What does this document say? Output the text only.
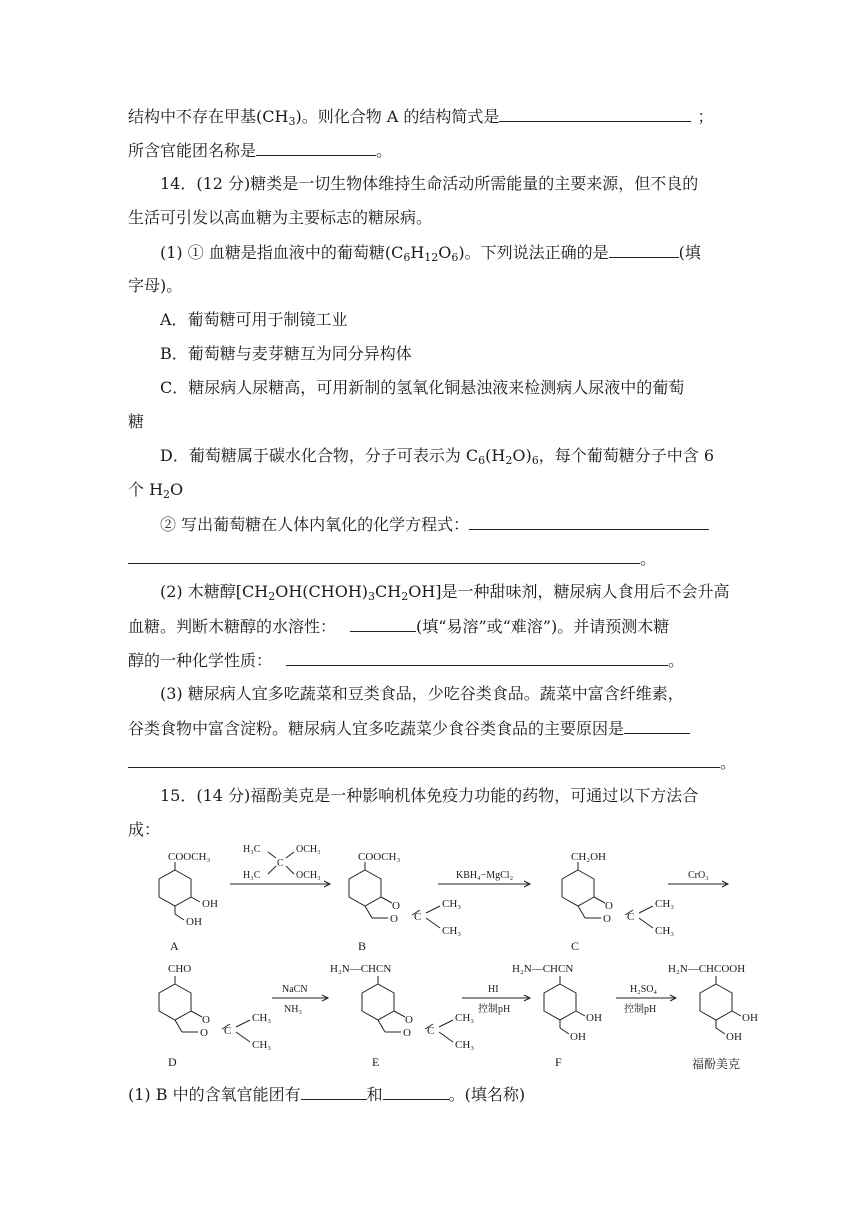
结构中不存在甲基$(CH_3)$。则化合物 A 的结构简式是	；
所含官能团名称是	。
14．(12 分)糖类是一切生物体维持生命活动所需能量的主要来源，但不良的
生活可引发以高血糖为主要标志的糖尿病。
(1) ① 血糖是指血液中的葡萄糖$(C_6H_{12}O_6)$。下列说法正确的是	(填
字母)。
A．葡萄糖可用于制镜工业
B．葡萄糖与麦芽糖互为同分异构体
C．糖尿病人尿糖高，可用新制的氢氧化铜悬浊液来检测病人尿液中的葡萄
糖
D．葡萄糖属于碳水化合物，分子可表示为 $C_6(H_2O)_6$，每个葡萄糖分子中含 6
个 $H_2O$
② 写出葡萄糖在人体内氧化的化学方程式：
。
(2) 木糖醇$[CH_2OH(CHOH)_3CH_2OH]$是一种甜味剂，糖尿病人食用后不会升高
血糖。判断木糖醇的水溶性：	(填“易溶”或“难溶”)。并请预测木糖
醇的一种化学性质：	。
(3) 糖尿病人宜多吃蔬菜和豆类食品，少吃谷类食品。蔬菜中富含纤维素，
谷类食物中富含淀粉。糖尿病人宜多吃蔬菜少食谷类食品的主要原因是
。
15．(14 分)福酚美克是一种影响机体免疫力功能的药物，可通过以下方法合
成：
COOCH₃
OH
OH
A
H₃C	OCH₃
C
H₃C	OCH₃
COOCH₃
O
O C
CH₃
CH₃
B
KBH₄−MgCl₂
CH₂OH
O
O C
CH₃
CH₃
C
CrO₃
CHO
O
O C
CH₃
CH₃
D
NaCN
NH₃
H₂N—CHCN
O
O C
CH₃
CH₃
E
HI
控制pH
H₂N—CHCN
OH
OH
F
H₂SO₄
控制pH
H₂N—CHCOOH
OH
OH
福酚美克
(1) B 中的含氧官能团有	和	。(填名称)
